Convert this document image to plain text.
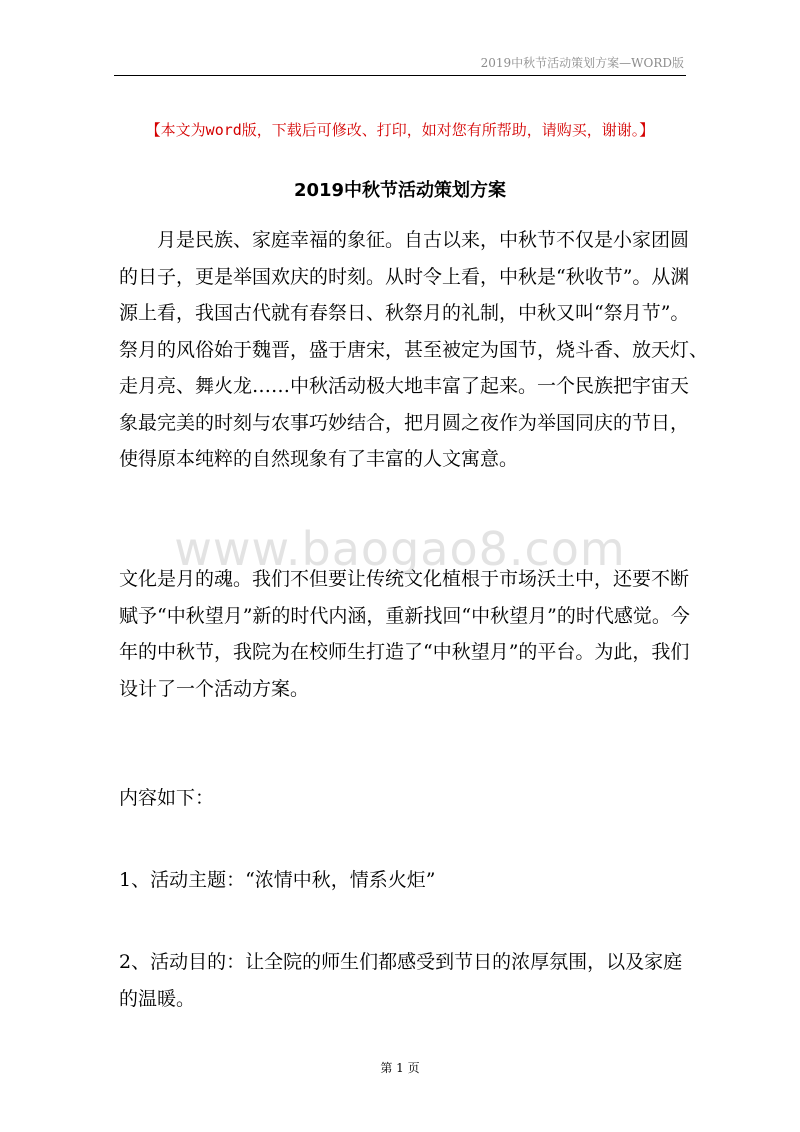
2019中秋节活动策划方案—WORD版
【本文为word版，下载后可修改、打印，如对您有所帮助，请购买，谢谢。】
2019中秋节活动策划方案
　　月是民族、家庭幸福的象征。自古以来，中秋节不仅是小家团圆
的日子，更是举国欢庆的时刻。从时令上看，中秋是“秋收节”。从渊
源上看，我国古代就有春祭日、秋祭月的礼制，中秋又叫“祭月节”。
祭月的风俗始于魏晋，盛于唐宋，甚至被定为国节，烧斗香、放天灯、
走月亮、舞火龙……中秋活动极大地丰富了起来。一个民族把宇宙天
象最完美的时刻与农事巧妙结合，把月圆之夜作为举国同庆的节日，
使得原本纯粹的自然现象有了丰富的人文寓意。
www.baogao8.com
文化是月的魂。我们不但要让传统文化植根于市场沃土中，还要不断
赋予“中秋望月”新的时代内涵，重新找回“中秋望月”的时代感觉。今
年的中秋节，我院为在校师生打造了“中秋望月”的平台。为此，我们
设计了一个活动方案。
内容如下：
1、活动主题：“浓情中秋，情系火炬”
2、活动目的：让全院的师生们都感受到节日的浓厚氛围，以及家庭
的温暖。
第 1 页
